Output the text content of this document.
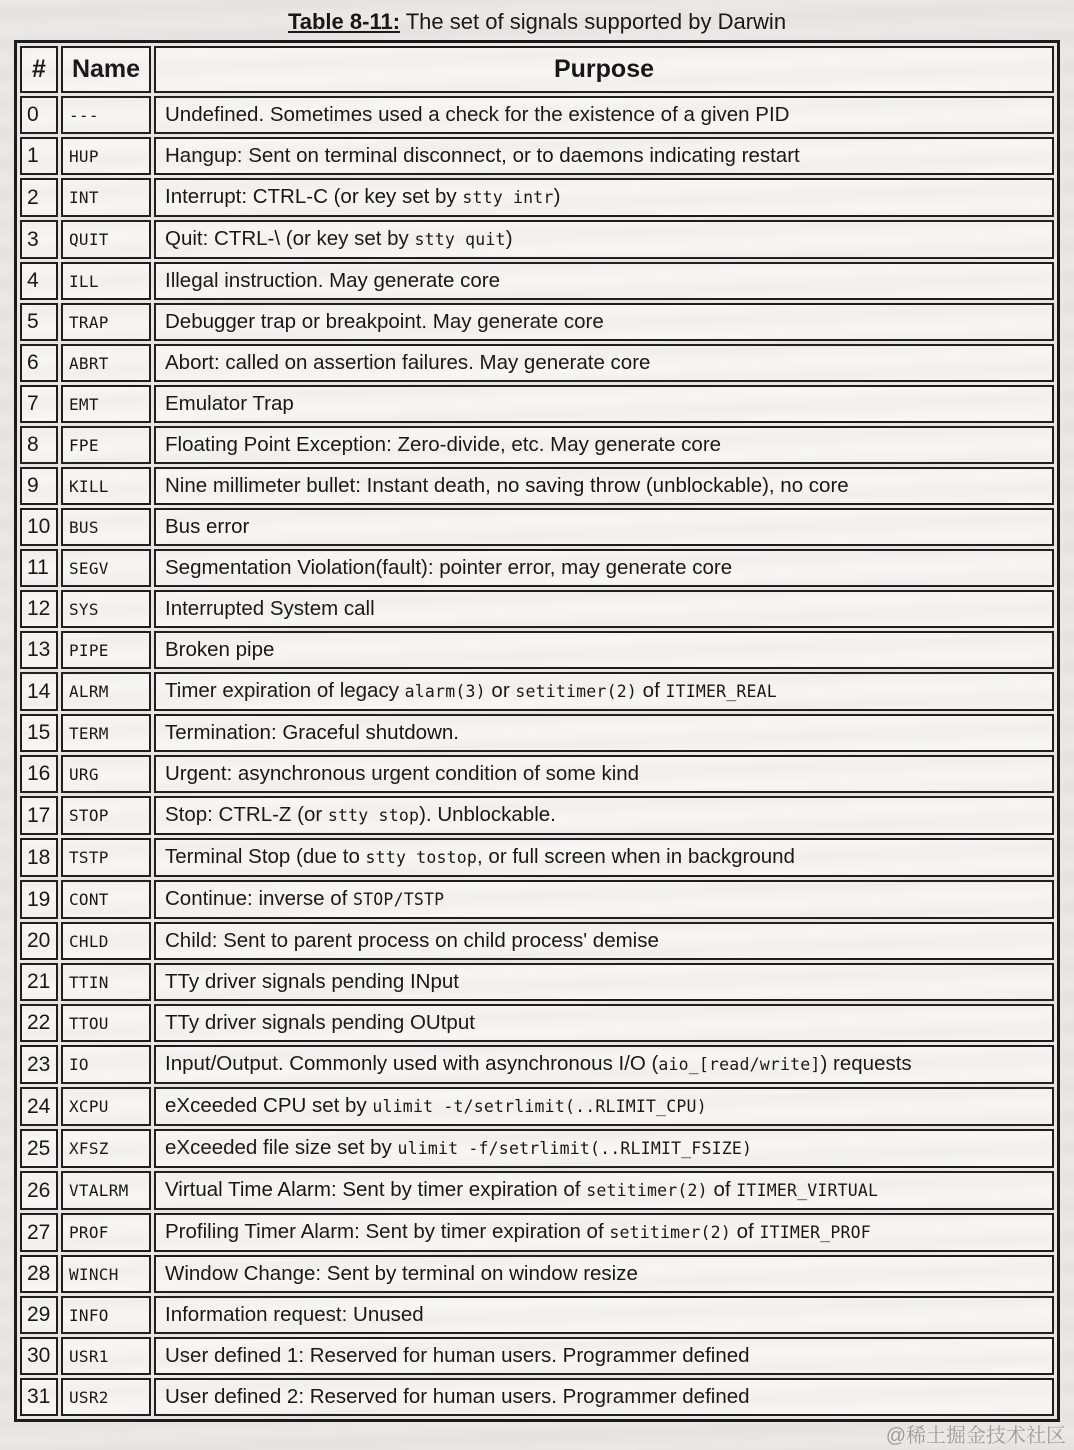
Table 8-11: The set of signals supported by Darwin
#	Name	Purpose
0	---	Undefined. Sometimes used a check for the existence of a given PID
1	HUP	Hangup: Sent on terminal disconnect, or to daemons indicating restart
2	INT	Interrupt: CTRL-C (or key set by stty intr)
3	QUIT	Quit: CTRL-\ (or key set by stty quit)
4	ILL	Illegal instruction. May generate core
5	TRAP	Debugger trap or breakpoint. May generate core
6	ABRT	Abort: called on assertion failures. May generate core
7	EMT	Emulator Trap
8	FPE	Floating Point Exception: Zero-divide, etc. May generate core
9	KILL	Nine millimeter bullet: Instant death, no saving throw (unblockable), no core
10	BUS	Bus error
11	SEGV	Segmentation Violation(fault): pointer error, may generate core
12	SYS	Interrupted System call
13	PIPE	Broken pipe
14	ALRM	Timer expiration of legacy alarm(3) or setitimer(2) of ITIMER_REAL
15	TERM	Termination: Graceful shutdown.
16	URG	Urgent: asynchronous urgent condition of some kind
17	STOP	Stop: CTRL-Z (or stty stop). Unblockable.
18	TSTP	Terminal Stop (due to stty tostop, or full screen when in background
19	CONT	Continue: inverse of STOP/TSTP
20	CHLD	Child: Sent to parent process on child process' demise
21	TTIN	TTy driver signals pending INput
22	TTOU	TTy driver signals pending OUtput
23	IO	Input/Output. Commonly used with asynchronous I/O (aio_[read/write]) requests
24	XCPU	eXceeded CPU set by ulimit -t/setrlimit(..RLIMIT_CPU)
25	XFSZ	eXceeded file size set by ulimit -f/setrlimit(..RLIMIT_FSIZE)
26	VTALRM	Virtual Time Alarm: Sent by timer expiration of setitimer(2) of ITIMER_VIRTUAL
27	PROF	Profiling Timer Alarm: Sent by timer expiration of setitimer(2) of ITIMER_PROF
28	WINCH	Window Change: Sent by terminal on window resize
29	INFO	Information request: Unused
30	USR1	User defined 1: Reserved for human users. Programmer defined
31	USR2	User defined 2: Reserved for human users. Programmer defined
@稀土掘金技术社区
